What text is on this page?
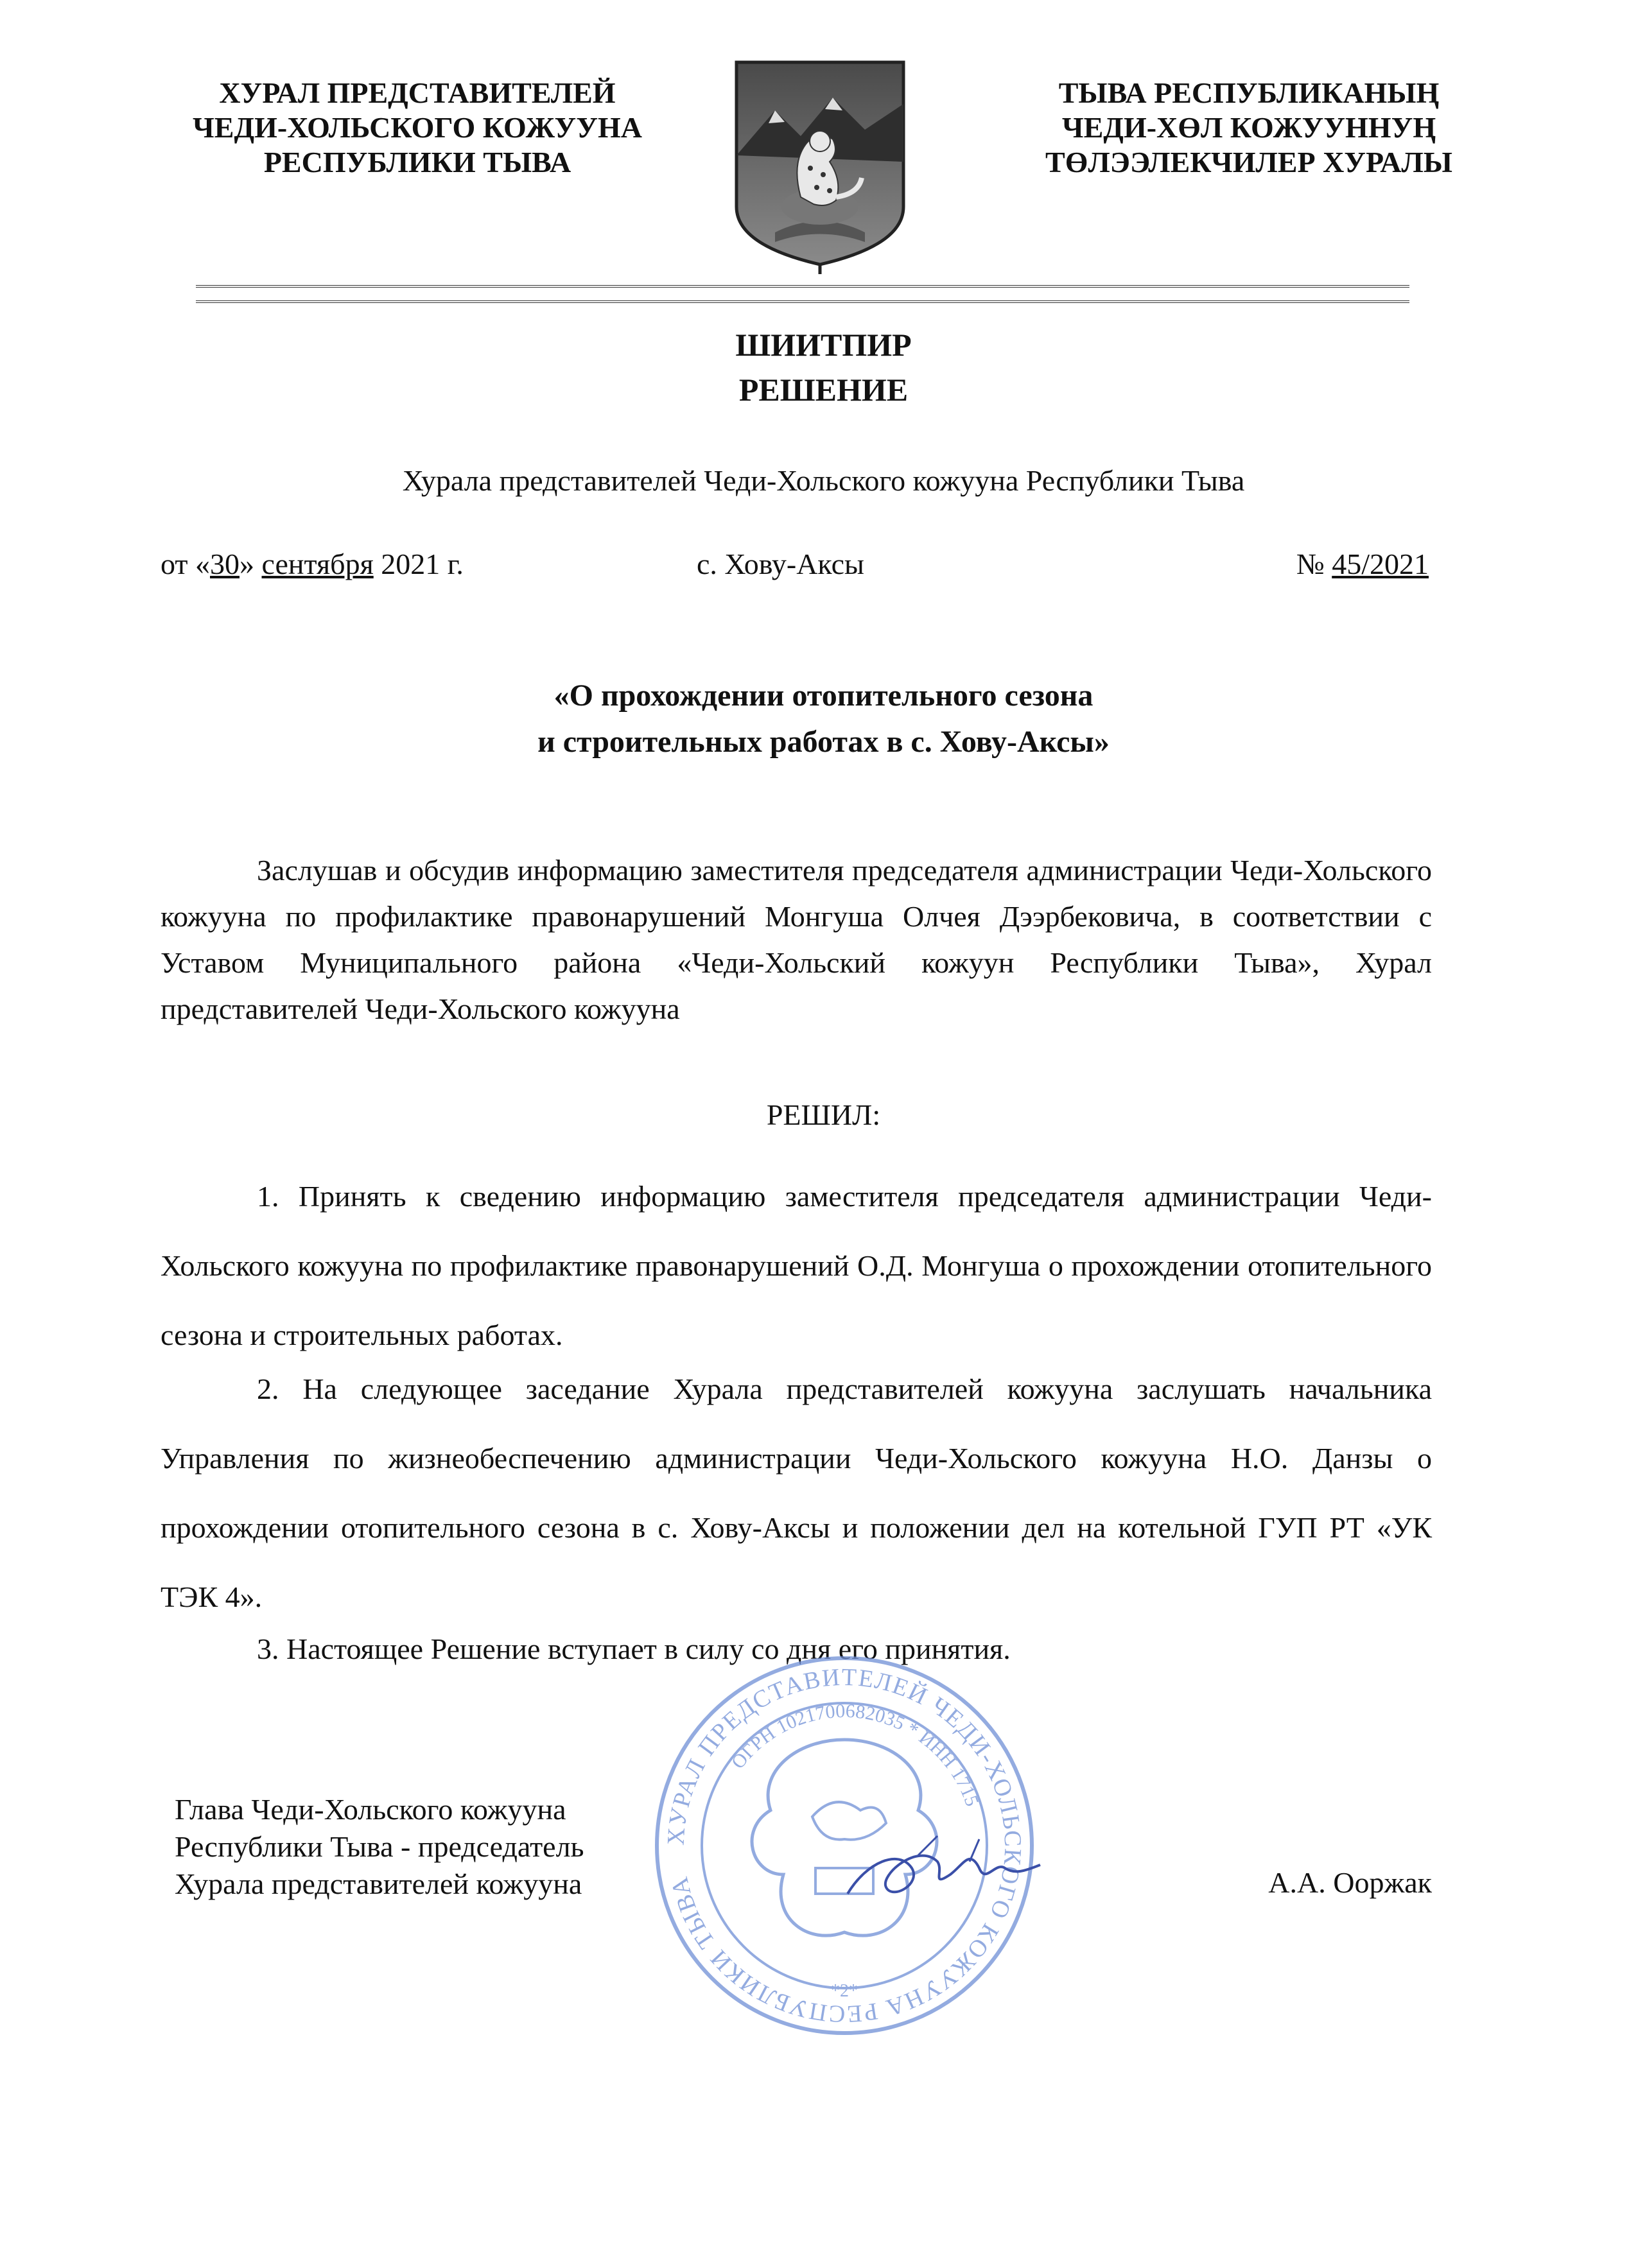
ХУРАЛ ПРЕДСТАВИТЕЛЕЙ
ЧЕДИ-ХОЛЬСКОГО КОЖУУНА
РЕСПУБЛИКИ ТЫВА
ТЫВА РЕСПУБЛИКАНЫҢ
ЧЕДИ-ХӨЛ КОЖУУННУҢ
ТӨЛЭЭЛЕКЧИЛЕР ХУРАЛЫ
ШИИТПИР
РЕШЕНИЕ
Хурала представителей Чеди-Хольского кожууна Республики Тыва
от «30» сентября 2021 г.	с. Хову-Аксы	№ 45/2021
«О прохождении отопительного сезона
и строительных работах в с. Хову-Аксы»
Заслушав и обсудив информацию заместителя председателя администрации Чеди-Хольского кожууна по профилактике правонарушений Монгуша Олчея Дээрбековича, в соответствии с Уставом Муниципального района «Чеди-Хольский кожуун Республики Тыва», Хурал представителей Чеди-Хольского кожууна
РЕШИЛ:
1. Принять к сведению информацию заместителя председателя администрации Чеди-Хольского кожууна по профилактике правонарушений О.Д. Монгуша о прохождении отопительного сезона и строительных работах.
2. На следующее заседание Хурала представителей кожууна заслушать начальника Управления по жизнеобеспечению администрации Чеди-Хольского кожууна Н.О. Данзы о прохождении отопительного сезона в с. Хову-Аксы и положении дел на котельной ГУП РТ «УК ТЭК 4».
3. Настоящее Решение вступает в силу со дня его принятия.
Глава Чеди-Хольского кожууна
Республики Тыва - председатель
Хурала представителей кожууна	А.А. Ооржак
ХУРАЛ ПРЕДСТАВИТЕЛЕЙ ЧЕДИ-ХОЛЬСКОГО КОЖУУНА РЕСПУБЛИКИ ТЫВА
ОГРН 1021700682035 * ИНН 1715
*2*
